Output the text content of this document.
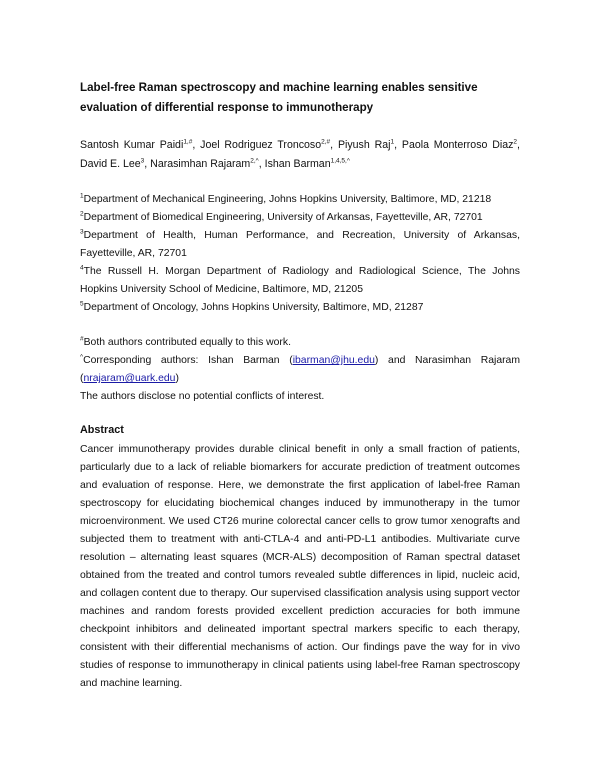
Label-free Raman spectroscopy and machine learning enables sensitive evaluation of differential response to immunotherapy
Santosh Kumar Paidi$^{1,\#}$, Joel Rodriguez Troncoso$^{2,\#}$, Piyush Raj$^1$, Paola Monterroso Diaz$^2$, David E. Lee$^3$, Narasimhan Rajaram$^{2,\^{}}$, Ishan Barman$^{1,4,5,\^{}}$
$^1$Department of Mechanical Engineering, Johns Hopkins University, Baltimore, MD, 21218
$^2$Department of Biomedical Engineering, University of Arkansas, Fayetteville, AR, 72701
$^3$Department of Health, Human Performance, and Recreation, University of Arkansas, Fayetteville, AR, 72701
$^4$The Russell H. Morgan Department of Radiology and Radiological Science, The Johns Hopkins University School of Medicine, Baltimore, MD, 21205
$^5$Department of Oncology, Johns Hopkins University, Baltimore, MD, 21287
#Both authors contributed equally to this work.
^Corresponding authors: Ishan Barman (ibarman@jhu.edu) and Narasimhan Rajaram (nrajaram@uark.edu)
The authors disclose no potential conflicts of interest.
Abstract
Cancer immunotherapy provides durable clinical benefit in only a small fraction of patients, particularly due to a lack of reliable biomarkers for accurate prediction of treatment outcomes and evaluation of response. Here, we demonstrate the first application of label-free Raman spectroscopy for elucidating biochemical changes induced by immunotherapy in the tumor microenvironment. We used CT26 murine colorectal cancer cells to grow tumor xenografts and subjected them to treatment with anti-CTLA-4 and anti-PD-L1 antibodies. Multivariate curve resolution – alternating least squares (MCR-ALS) decomposition of Raman spectral dataset obtained from the treated and control tumors revealed subtle differences in lipid, nucleic acid, and collagen content due to therapy. Our supervised classification analysis using support vector machines and random forests provided excellent prediction accuracies for both immune checkpoint inhibitors and delineated important spectral markers specific to each therapy, consistent with their differential mechanisms of action. Our findings pave the way for in vivo studies of response to immunotherapy in clinical patients using label-free Raman spectroscopy and machine learning.
